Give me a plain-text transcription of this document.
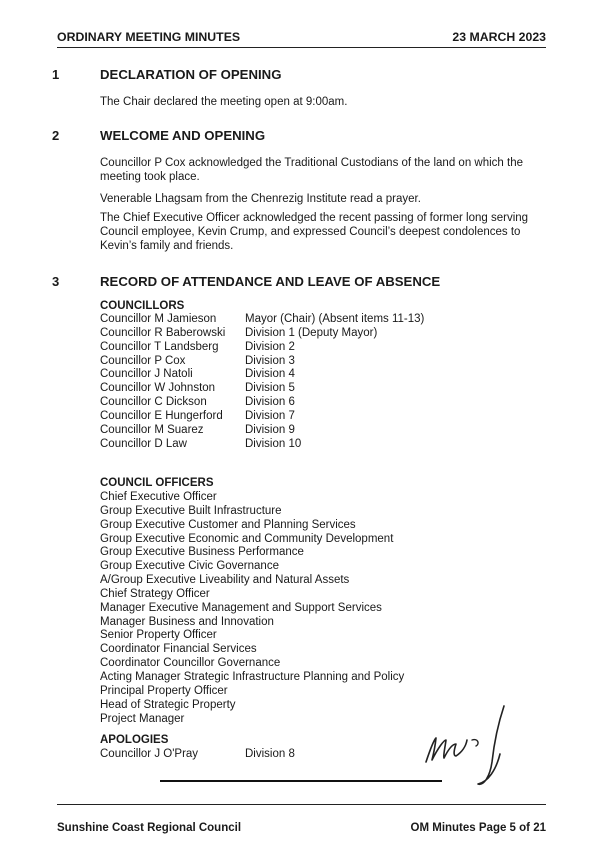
ORDINARY MEETING MINUTES	23 MARCH 2023
1	DECLARATION OF OPENING
The Chair declared the meeting open at 9:00am.
2	WELCOME AND OPENING
Councillor P Cox acknowledged the Traditional Custodians of the land on which the meeting took place.
Venerable Lhagsam from the Chenrezig Institute read a prayer.
The Chief Executive Officer acknowledged the recent passing of former long serving Council employee, Kevin Crump, and expressed Council’s deepest condolences to Kevin’s family and friends.
3	RECORD OF ATTENDANCE AND LEAVE OF ABSENCE
COUNCILLORS
Councillor M Jamieson	Mayor (Chair) (Absent items 11-13)
Councillor R Baberowski	Division 1 (Deputy Mayor)
Councillor T Landsberg	Division 2
Councillor P Cox	Division 3
Councillor J Natoli	Division 4
Councillor W Johnston	Division 5
Councillor C Dickson	Division 6
Councillor E Hungerford	Division 7
Councillor M Suarez	Division 9
Councillor D Law	Division 10
COUNCIL OFFICERS
Chief Executive Officer
Group Executive Built Infrastructure
Group Executive Customer and Planning Services
Group Executive Economic and Community Development
Group Executive Business Performance
Group Executive Civic Governance
A/Group Executive Liveability and Natural Assets
Chief Strategy Officer
Manager Executive Management and Support Services
Manager Business and Innovation
Senior Property Officer
Coordinator Financial Services
Coordinator Councillor Governance
Acting Manager Strategic Infrastructure Planning and Policy
Principal Property Officer
Head of Strategic Property
Project Manager
APOLOGIES
Councillor J O'Pray	Division 8
Sunshine Coast Regional Council	OM Minutes Page 5 of 21
